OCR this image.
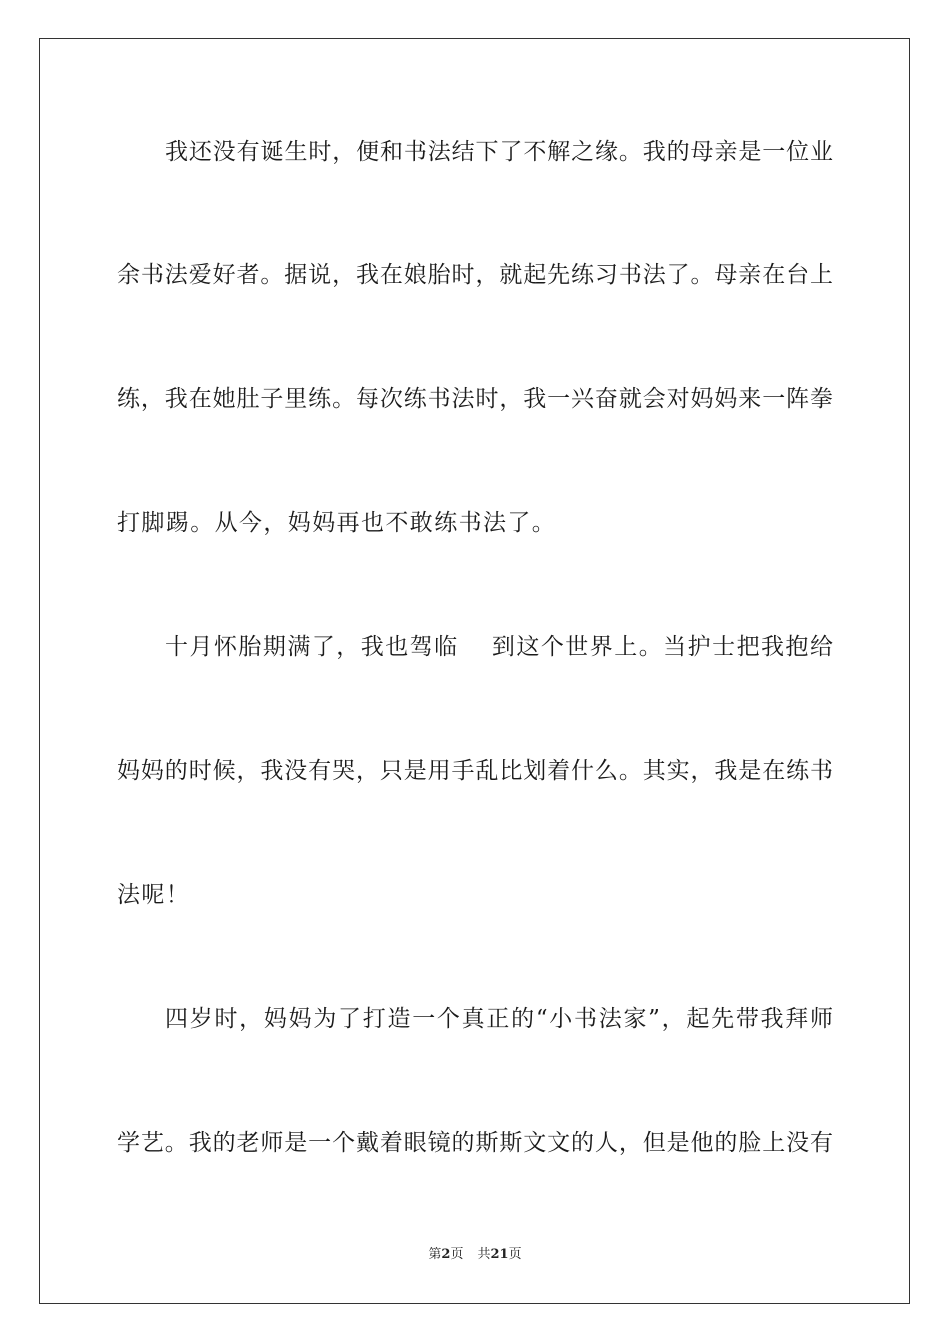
我还没有诞生时，便和书法结下了不解之缘。我的母亲是一位业
余书法爱好者。据说，我在娘胎时，就起先练习书法了。母亲在台上
练，我在她肚子里练。每次练书法时，我一兴奋就会对妈妈来一阵拳
打脚踢。从今，妈妈再也不敢练书法了。
十月怀胎期满了，我也驾临　 到这个世界上。当护士把我抱给
妈妈的时候，我没有哭，只是用手乱比划着什么。其实，我是在练书
法呢！
四岁时，妈妈为了打造一个真正的“小书法家”，起先带我拜师
学艺。我的老师是一个戴着眼镜的斯斯文文的人，但是他的脸上没有
第2页 共21页
